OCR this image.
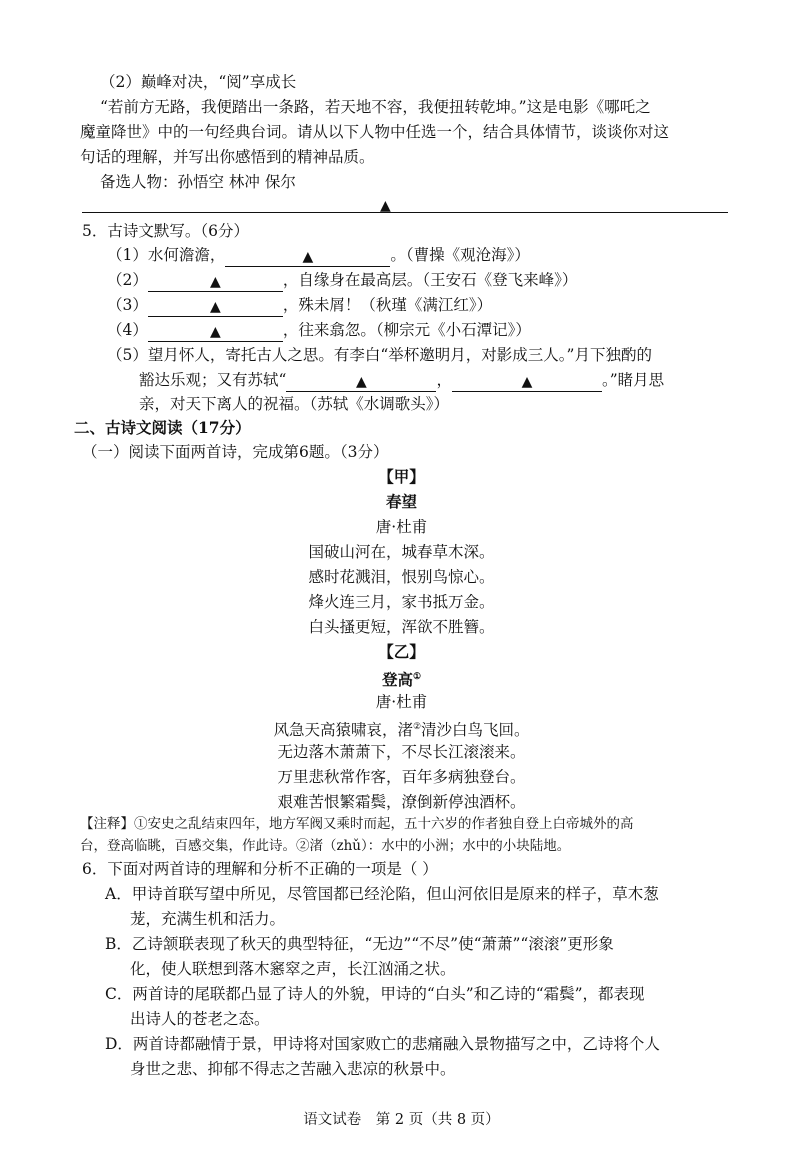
（2）巅峰对决，“阅”享成长
“若前方无路，我便踏出一条路，若天地不容，我便扭转乾坤。”这是电影《哪吒之
魔童降世》中的一句经典台词。请从以下人物中任选一个，结合具体情节，谈谈你对这
句话的理解，并写出你感悟到的精神品质。
备选人物：孙悟空 林冲 保尔
▲
5．古诗文默写。（6分）
（1）水何澹澹，	▲	。（曹操《观沧海》）
（2）	▲	，自缘身在最高层。（王安石《登飞来峰》）
（3）	▲	，殊未屑！（秋瑾《满江红》）
（4）	▲	，往来翕忽。（柳宗元《小石潭记》）
（5）望月怀人，寄托古人之思。有李白“举杯邀明月，对影成三人。”月下独酌的
豁达乐观；又有苏轼“	▲	，	▲	。”睹月思
亲，对天下离人的祝福。（苏轼《水调歌头》）
二、古诗文阅读（17分）
（一）阅读下面两首诗，完成第6题。（3分）
【甲】
春望
唐·杜甫
国破山河在，城春草木深。
感时花溅泪，恨别鸟惊心。
烽火连三月，家书抵万金。
白头搔更短，浑欲不胜簪。
【乙】
登高①
唐·杜甫
风急天高猿啸哀，渚②清沙白鸟飞回。
无边落木萧萧下，不尽长江滚滚来。
万里悲秋常作客，百年多病独登台。
艰难苦恨繁霜鬓，潦倒新停浊酒杯。
【注释】①安史之乱结束四年，地方军阀又乘时而起，五十六岁的作者独自登上白帝城外的高
台，登高临眺，百感交集，作此诗。②渚（zhǔ）：水中的小洲；水中的小块陆地。
6．下面对两首诗的理解和分析不正确的一项是（ ）
A．甲诗首联写望中所见，尽管国都已经沦陷，但山河依旧是原来的样子，草木葱
茏，充满生机和活力。
B．乙诗颔联表现了秋天的典型特征，“无边”“不尽”使“萧萧”“滚滚”更形象
化，使人联想到落木窸窣之声，长江汹涌之状。
C．两首诗的尾联都凸显了诗人的外貌，甲诗的“白头”和乙诗的“霜鬓”，都表现
出诗人的苍老之态。
D．两首诗都融情于景，甲诗将对国家败亡的悲痛融入景物描写之中，乙诗将个人
身世之悲、抑郁不得志之苦融入悲凉的秋景中。
语文试卷　第 2 页（共 8 页）
